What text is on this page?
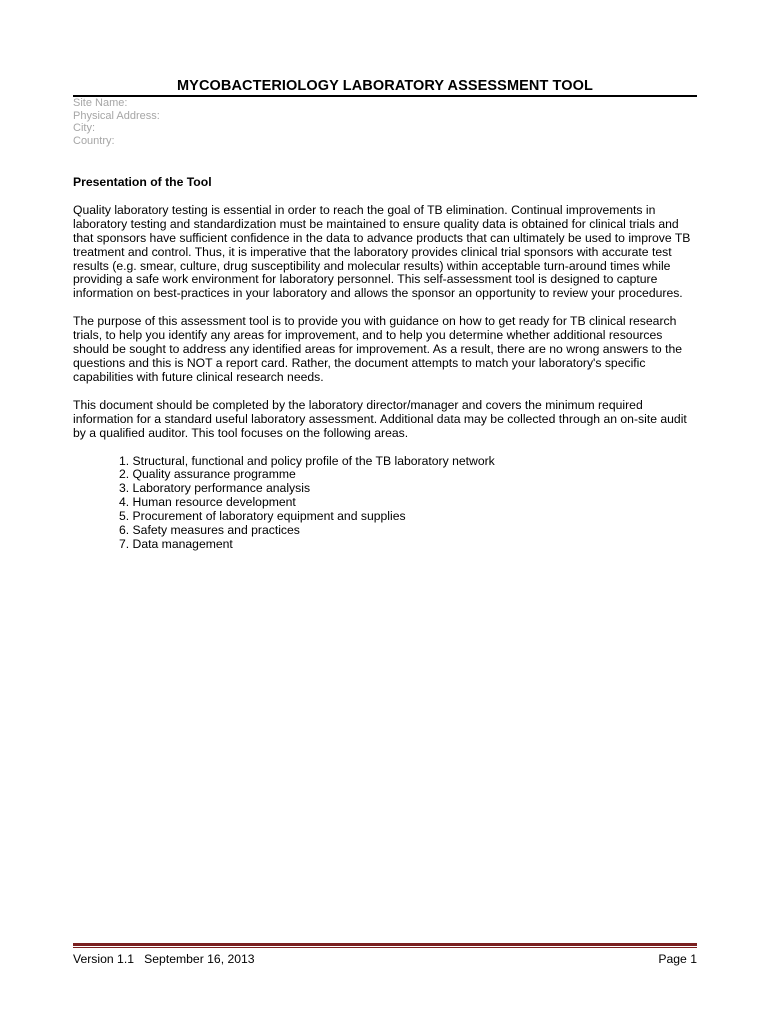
MYCOBACTERIOLOGY LABORATORY ASSESSMENT TOOL
Site Name:
Physical Address:
City:
Country:
Presentation of the Tool

Quality laboratory testing is essential in order to reach the goal of TB elimination. Continual improvements in laboratory testing and standardization must be maintained to ensure quality data is obtained for clinical trials and that sponsors have sufficient confidence in the data to advance products that can ultimately be used to improve TB treatment and control. Thus, it is imperative that the laboratory provides clinical trial sponsors with accurate test results (e.g. smear, culture, drug susceptibility and molecular results) within acceptable turn-around times while providing a safe work environment for laboratory personnel. This self-assessment tool is designed to capture information on best-practices in your laboratory and allows the sponsor an opportunity to review your procedures.

The purpose of this assessment tool is to provide you with guidance on how to get ready for TB clinical research trials, to help you identify any areas for improvement, and to help you determine whether additional resources should be sought to address any identified areas for improvement. As a result, there are no wrong answers to the questions and this is NOT a report card. Rather, the document attempts to match your laboratory's specific capabilities with future clinical research needs.

This document should be completed by the laboratory director/manager and covers the minimum required information for a standard useful laboratory assessment. Additional data may be collected through an on-site audit by a qualified auditor. This tool focuses on the following areas.

1. Structural, functional and policy profile of the TB laboratory network
2. Quality assurance programme
3. Laboratory performance analysis
4. Human resource development
5. Procurement of laboratory equipment and supplies
6. Safety measures and practices
7. Data management
Version 1.1   September 16, 2013	Page 1
